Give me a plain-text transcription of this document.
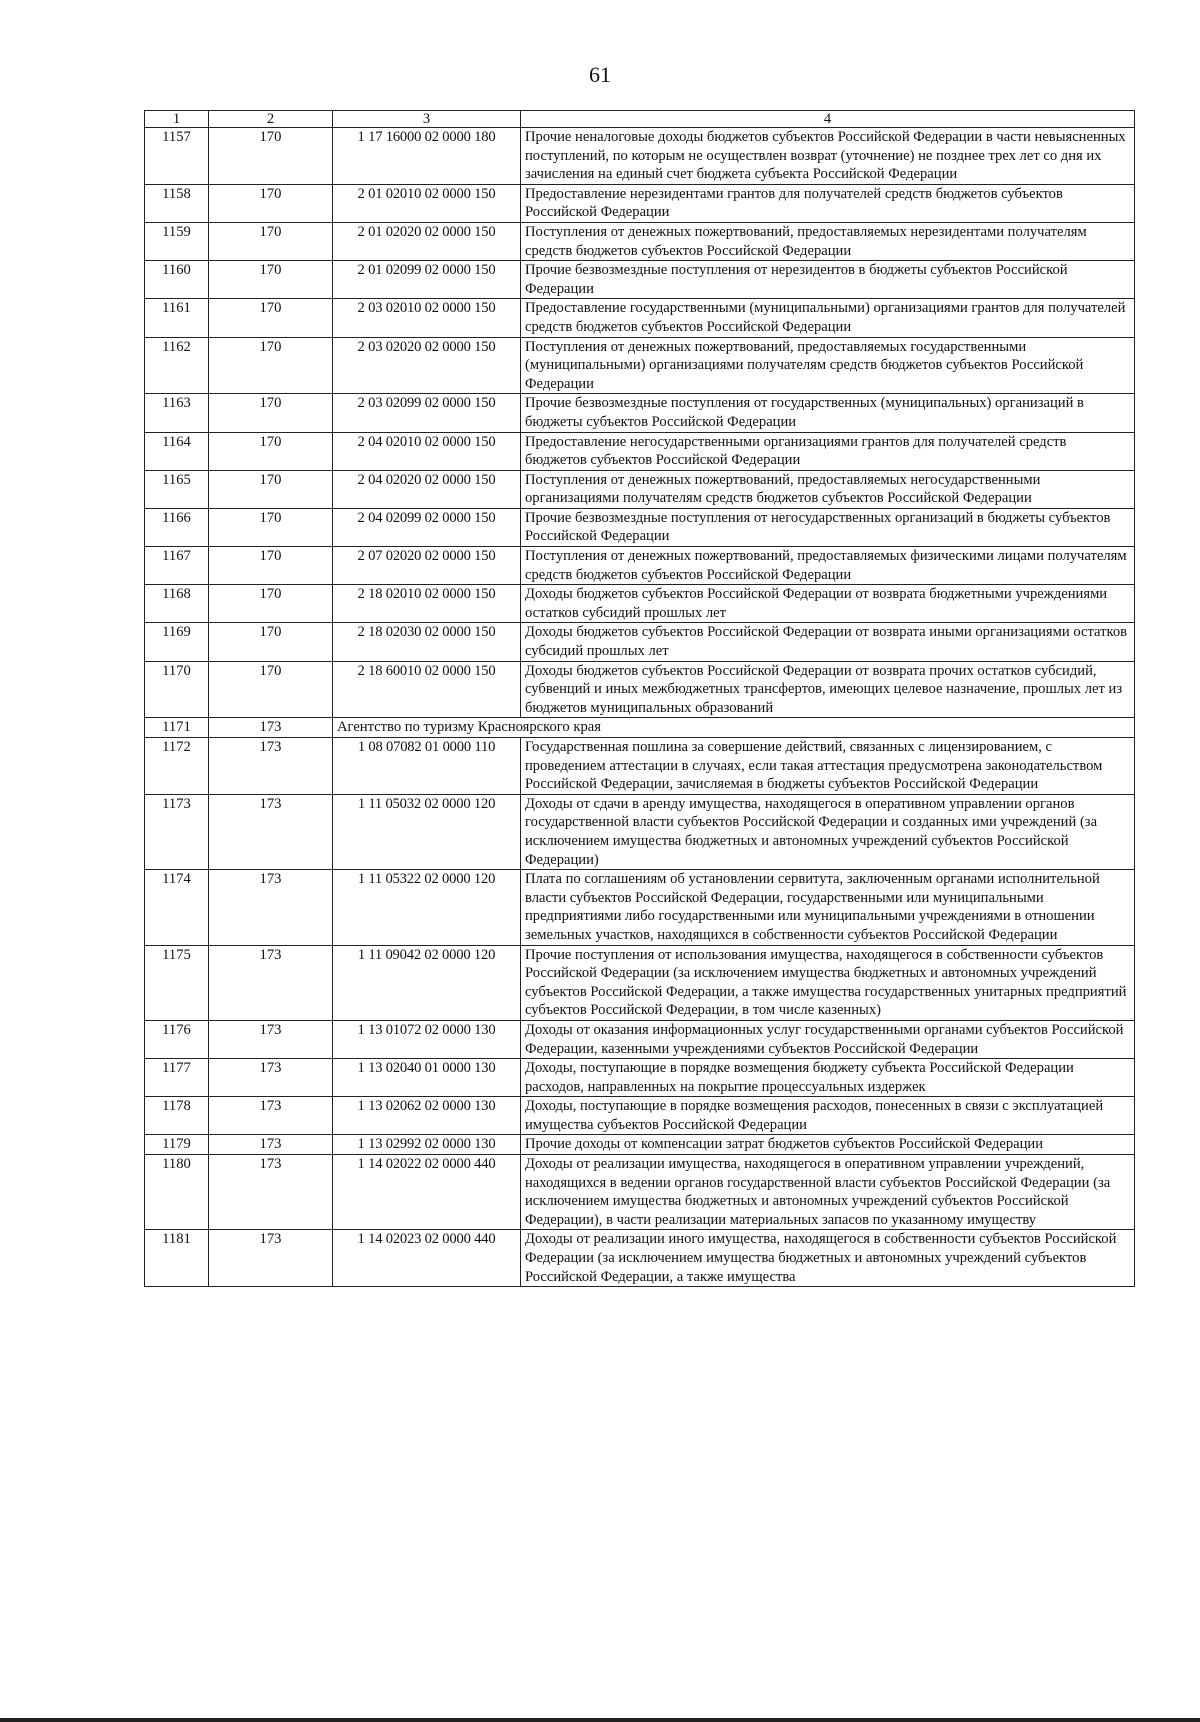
61
1	2	3	4
1157	170	1 17 16000 02 0000 180	Прочие неналоговые доходы бюджетов субъектов Российской Федерации в части невыясненных поступлений, по которым не осуществлен возврат (уточнение) не позднее трех лет со дня их зачисления на единый счет бюджета субъекта Российской Федерации
1158	170	2 01 02010 02 0000 150	Предоставление нерезидентами грантов для получателей средств бюджетов субъектов Российской Федерации
1159	170	2 01 02020 02 0000 150	Поступления от денежных пожертвований, предоставляемых нерезидентами получателям средств бюджетов субъектов Российской Федерации
1160	170	2 01 02099 02 0000 150	Прочие безвозмездные поступления от нерезидентов в бюджеты субъектов Российской Федерации
1161	170	2 03 02010 02 0000 150	Предоставление государственными (муниципальными) организациями грантов для получателей средств бюджетов субъектов Российской Федерации
1162	170	2 03 02020 02 0000 150	Поступления от денежных пожертвований, предоставляемых государственными (муниципальными) организациями получателям средств бюджетов субъектов Российской Федерации
1163	170	2 03 02099 02 0000 150	Прочие безвозмездные поступления от государственных (муниципальных) организаций в бюджеты субъектов Российской Федерации
1164	170	2 04 02010 02 0000 150	Предоставление негосударственными организациями грантов для получателей средств бюджетов субъектов Российской Федерации
1165	170	2 04 02020 02 0000 150	Поступления от денежных пожертвований, предоставляемых негосударственными организациями получателям средств бюджетов субъектов Российской Федерации
1166	170	2 04 02099 02 0000 150	Прочие безвозмездные поступления от негосударственных организаций в бюджеты субъектов Российской Федерации
1167	170	2 07 02020 02 0000 150	Поступления от денежных пожертвований, предоставляемых физическими лицами получателям средств бюджетов субъектов Российской Федерации
1168	170	2 18 02010 02 0000 150	Доходы бюджетов субъектов Российской Федерации от возврата бюджетными учреждениями остатков субсидий прошлых лет
1169	170	2 18 02030 02 0000 150	Доходы бюджетов субъектов Российской Федерации от возврата иными организациями остатков субсидий прошлых лет
1170	170	2 18 60010 02 0000 150	Доходы бюджетов субъектов Российской Федерации от возврата прочих остатков субсидий, субвенций и иных межбюджетных трансфертов, имеющих целевое назначение, прошлых лет из бюджетов муниципальных образований
1171	173	Агентство по туризму Красноярского края	
1172	173	1 08 07082 01 0000 110	Государственная пошлина за совершение действий, связанных с лицензированием, с проведением аттестации в случаях, если такая аттестация предусмотрена законодательством Российской Федерации, зачисляемая в бюджеты субъектов Российской Федерации
1173	173	1 11 05032 02 0000 120	Доходы от сдачи в аренду имущества, находящегося в оперативном управлении органов государственной власти субъектов Российской Федерации и созданных ими учреждений (за исключением имущества бюджетных и автономных учреждений субъектов Российской Федерации)
1174	173	1 11 05322 02 0000 120	Плата по соглашениям об установлении сервитута, заключенным органами исполнительной власти субъектов Российской Федерации, государственными или муниципальными предприятиями либо государственными или муниципальными учреждениями в отношении земельных участков, находящихся в собственности субъектов Российской Федерации
1175	173	1 11 09042 02 0000 120	Прочие поступления от использования имущества, находящегося в собственности субъектов Российской Федерации (за исключением имущества бюджетных и автономных учреждений субъектов Российской Федерации, а также имущества государственных унитарных предприятий субъектов Российской Федерации, в том числе казенных)
1176	173	1 13 01072 02 0000 130	Доходы от оказания информационных услуг государственными органами субъектов Российской Федерации, казенными учреждениями субъектов Российской Федерации
1177	173	1 13 02040 01 0000 130	Доходы, поступающие в порядке возмещения бюджету субъекта Российской Федерации расходов, направленных на покрытие процессуальных издержек
1178	173	1 13 02062 02 0000 130	Доходы, поступающие в порядке возмещения расходов, понесенных в связи с эксплуатацией имущества субъектов Российской Федерации
1179	173	1 13 02992 02 0000 130	Прочие доходы от компенсации затрат бюджетов субъектов Российской Федерации
1180	173	1 14 02022 02 0000 440	Доходы от реализации имущества, находящегося в оперативном управлении учреждений, находящихся в ведении органов государственной власти субъектов Российской Федерации (за исключением имущества бюджетных и автономных учреждений субъектов Российской Федерации), в части реализации материальных запасов по указанному имуществу
1181	173	1 14 02023 02 0000 440	Доходы от реализации иного имущества, находящегося в собственности субъектов Российской Федерации (за исключением имущества бюджетных и автономных учреждений субъектов Российской Федерации, а также имущества
